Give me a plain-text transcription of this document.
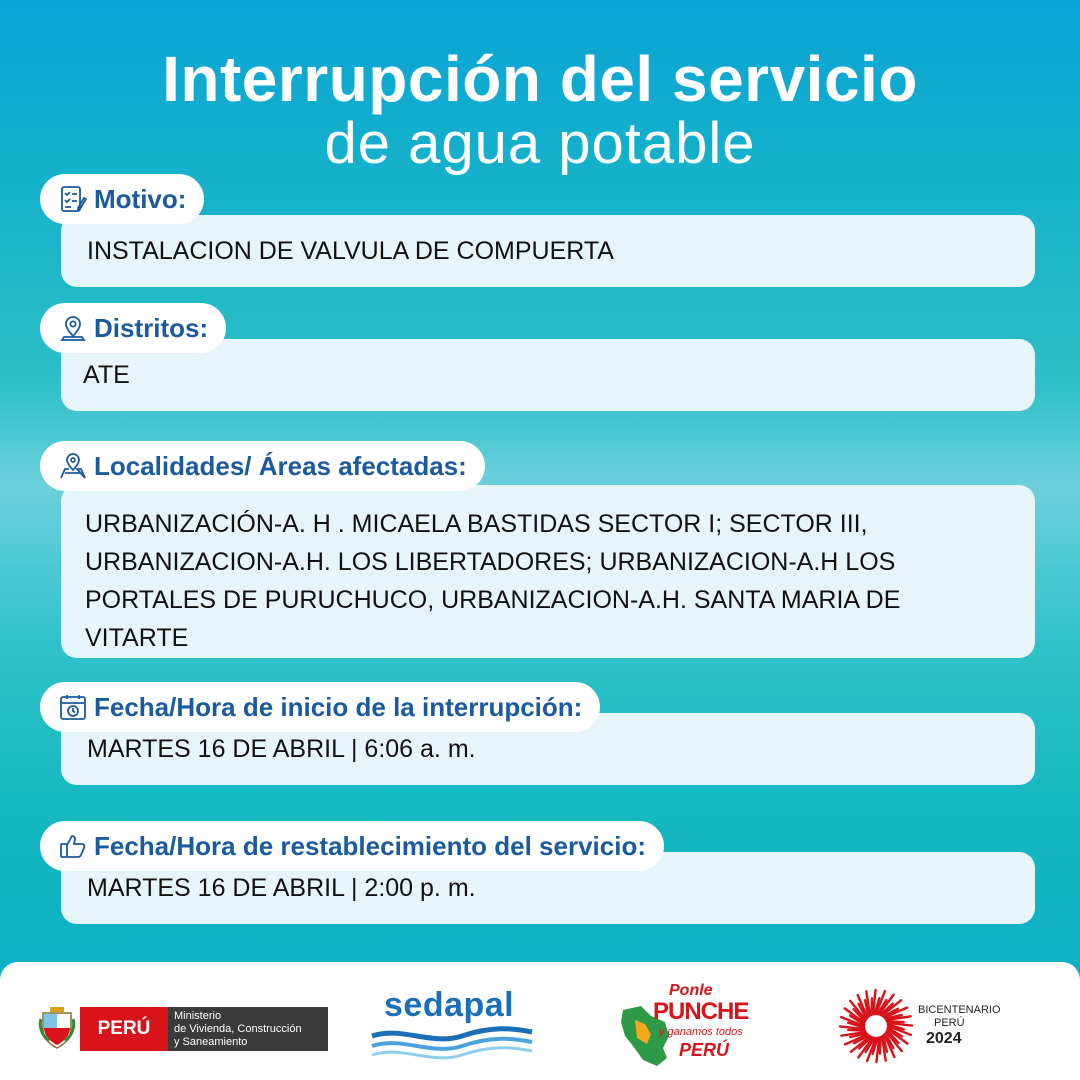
Interrupción del servicio
de agua potable
INSTALACION DE VALVULA DE COMPUERTA
Motivo:
ATE
Distritos:
URBANIZACIÓN-A. H . MICAELA BASTIDAS SECTOR I; SECTOR III,
URBANIZACION-A.H. LOS LIBERTADORES; URBANIZACION-A.H LOS
PORTALES DE PURUCHUCO, URBANIZACION-A.H. SANTA MARIA DE
VITARTE
Localidades/ Áreas afectadas:
MARTES 16 DE ABRIL | 6:06 a. m.
Fecha/Hora de inicio de la interrupción:
MARTES 16 DE ABRIL | 2:00 p. m.
Fecha/Hora de restablecimiento del servicio:
PERÚ
Ministerio
de Vivienda, Construcción
y Saneamiento
sedapal	Ponle
PUNCHE
y ganamos todos
PERÚ
BICENTENARIO
PERÚ
2024
